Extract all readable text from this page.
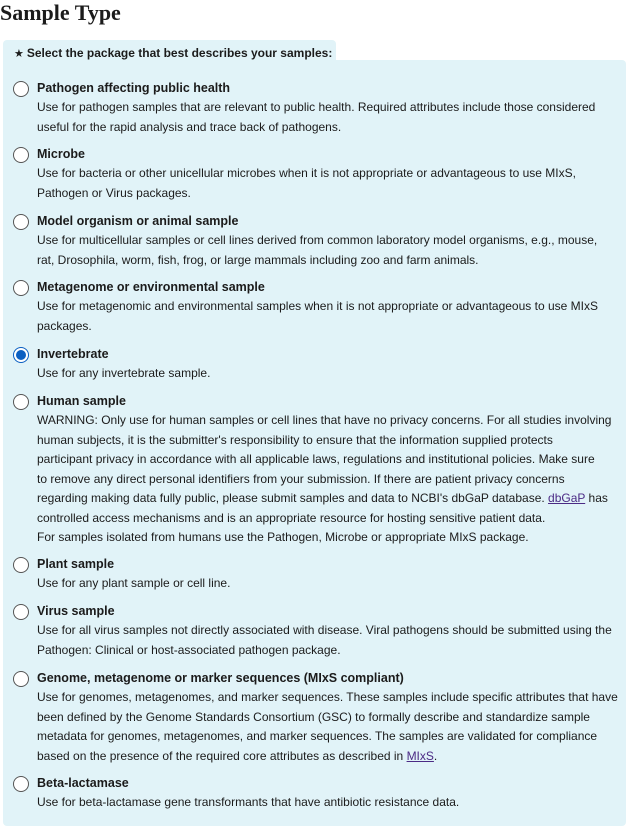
Sample Type
★ Select the package that best describes your samples:
Pathogen affecting public health
Use for pathogen samples that are relevant to public health. Required attributes include those considered
useful for the rapid analysis and trace back of pathogens.
Microbe
Use for bacteria or other unicellular microbes when it is not appropriate or advantageous to use MIxS,
Pathogen or Virus packages.
Model organism or animal sample
Use for multicellular samples or cell lines derived from common laboratory model organisms, e.g., mouse,
rat, Drosophila, worm, fish, frog, or large mammals including zoo and farm animals.
Metagenome or environmental sample
Use for metagenomic and environmental samples when it is not appropriate or advantageous to use MIxS
packages.
Invertebrate
Use for any invertebrate sample.
Human sample
WARNING: Only use for human samples or cell lines that have no privacy concerns. For all studies involving
human subjects, it is the submitter's responsibility to ensure that the information supplied protects
participant privacy in accordance with all applicable laws, regulations and institutional policies. Make sure
to remove any direct personal identifiers from your submission. If there are patient privacy concerns
regarding making data fully public, please submit samples and data to NCBI's dbGaP database. dbGaP has
controlled access mechanisms and is an appropriate resource for hosting sensitive patient data.
For samples isolated from humans use the Pathogen, Microbe or appropriate MIxS package.
Plant sample
Use for any plant sample or cell line.
Virus sample
Use for all virus samples not directly associated with disease. Viral pathogens should be submitted using the
Pathogen: Clinical or host-associated pathogen package.
Genome, metagenome or marker sequences (MIxS compliant)
Use for genomes, metagenomes, and marker sequences. These samples include specific attributes that have
been defined by the Genome Standards Consortium (GSC) to formally describe and standardize sample
metadata for genomes, metagenomes, and marker sequences. The samples are validated for compliance
based on the presence of the required core attributes as described in MIxS.
Beta-lactamase
Use for beta-lactamase gene transformants that have antibiotic resistance data.
